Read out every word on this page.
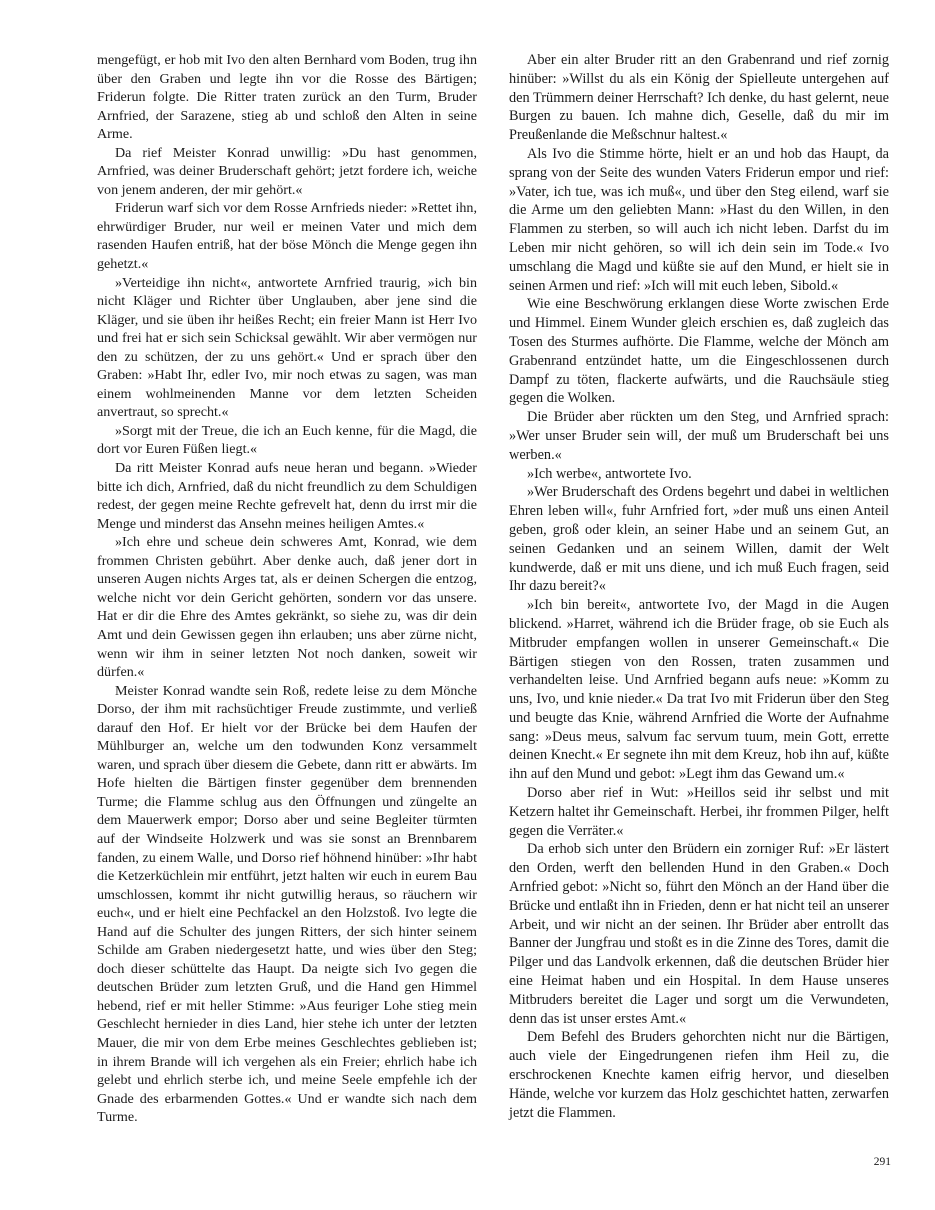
mengefügt, er hob mit Ivo den alten Bernhard vom Boden, trug ihn über den Graben und legte ihn vor die Rosse des Bärtigen; Friderun folgte. Die Ritter traten zurück an den Turm, Bruder Arnfried, der Sarazene, stieg ab und schloß den Alten in seine Arme.

Da rief Meister Konrad unwillig: »Du hast genommen, Arnfried, was deiner Bruderschaft gehört; jetzt fordere ich, weiche von jenem anderen, der mir gehört.«

Friderun warf sich vor dem Rosse Arnfrieds nieder: »Rettet ihn, ehrwürdiger Bruder, nur weil er meinen Vater und mich dem rasenden Haufen entriß, hat der böse Mönch die Menge gegen ihn gehetzt.«

»Verteidige ihn nicht«, antwortete Arnfried traurig, »ich bin nicht Kläger und Richter über Unglauben, aber jene sind die Kläger, und sie üben ihr heißes Recht; ein freier Mann ist Herr Ivo und frei hat er sich sein Schicksal gewählt. Wir aber vermögen nur den zu schützen, der zu uns gehört.« Und er sprach über den Graben: »Habt Ihr, edler Ivo, mir noch etwas zu sagen, was man einem wohlmeinenden Manne vor dem letzten Scheiden anvertraut, so sprecht.«

»Sorgt mit der Treue, die ich an Euch kenne, für die Magd, die dort vor Euren Füßen liegt.«

Da ritt Meister Konrad aufs neue heran und begann. »Wieder bitte ich dich, Arnfried, daß du nicht freundlich zu dem Schuldigen redest, der gegen meine Rechte gefrevelt hat, denn du irrst mir die Menge und minderst das Ansehn meines heiligen Amtes.«

»Ich ehre und scheue dein schweres Amt, Konrad, wie dem frommen Christen gebührt. Aber denke auch, daß jener dort in unseren Augen nichts Arges tat, als er deinen Schergen die entzog, welche nicht vor dein Gericht gehörten, sondern vor das unsere. Hat er dir die Ehre des Amtes gekränkt, so siehe zu, was dir dein Amt und dein Gewissen gegen ihn erlauben; uns aber zürne nicht, wenn wir ihm in seiner letzten Not noch danken, soweit wir dürfen.«

Meister Konrad wandte sein Roß, redete leise zu dem Mönche Dorso, der ihm mit rachsüchtiger Freude zustimmte, und verließ darauf den Hof. Er hielt vor der Brücke bei dem Haufen der Mühlburger an, welche um den todwunden Konz versammelt waren, und sprach über diesem die Gebete, dann ritt er abwärts. Im Hofe hielten die Bärtigen finster gegenüber dem brennenden Turme; die Flamme schlug aus den Öffnungen und züngelte an dem Mauerwerk empor; Dorso aber und seine Begleiter türmten auf der Windseite Holzwerk und was sie sonst an Brennbarem fanden, zu einem Walle, und Dorso rief höhnend hinüber: »Ihr habt die Ketzerküchlein mir entführt, jetzt halten wir euch in eurem Bau umschlossen, kommt ihr nicht gutwillig heraus, so räuchern wir euch«, und er hielt eine Pechfackel an den Holzstoß. Ivo legte die Hand auf die Schulter des jungen Ritters, der sich hinter seinem Schilde am Graben niedergesetzt hatte, und wies über den Steg; doch dieser schüttelte das Haupt. Da neigte sich Ivo gegen die deutschen Brüder zum letzten Gruß, und die Hand gen Himmel hebend, rief er mit heller Stimme: »Aus feuriger Lohe stieg mein Geschlecht hernieder in dies Land, hier stehe ich unter der letzten Mauer, die mir von dem Erbe meines Geschlechtes geblieben ist; in ihrem Brande will ich vergehen als ein Freier; ehrlich habe ich gelebt und ehrlich sterbe ich, und meine Seele empfehle ich der Gnade des erbarmenden Gottes.« Und er wandte sich nach dem Turme.

Aber ein alter Bruder ritt an den Grabenrand und rief zornig hinüber: »Willst du als ein König der Spielleute untergehen auf den Trümmern deiner Herrschaft? Ich denke, du hast gelernt, neue Burgen zu bauen. Ich mahne dich, Geselle, daß du mir im Preußenlande die Meßschnur haltest.«

Als Ivo die Stimme hörte, hielt er an und hob das Haupt, da sprang von der Seite des wunden Vaters Friderun empor und rief: »Vater, ich tue, was ich muß«, und über den Steg eilend, warf sie die Arme um den geliebten Mann: »Hast du den Willen, in den Flammen zu sterben, so will auch ich nicht leben. Darfst du im Leben mir nicht gehören, so will ich dein sein im Tode.« Ivo umschlang die Magd und küßte sie auf den Mund, er hielt sie in seinen Armen und rief: »Ich will mit euch leben, Sibold.«

Wie eine Beschwörung erklangen diese Worte zwischen Erde und Himmel. Einem Wunder gleich erschien es, daß zugleich das Tosen des Sturmes aufhörte. Die Flamme, welche der Mönch am Grabenrand entzündet hatte, um die Eingeschlossenen durch Dampf zu töten, flackerte aufwärts, und die Rauchsäule stieg gegen die Wolken.

Die Brüder aber rückten um den Steg, und Arnfried sprach: »Wer unser Bruder sein will, der muß um Bruderschaft bei uns werben.«

»Ich werbe«, antwortete Ivo.

»Wer Bruderschaft des Ordens begehrt und dabei in weltlichen Ehren leben will«, fuhr Arnfried fort, »der muß uns einen Anteil geben, groß oder klein, an seiner Habe und an seinem Gut, an seinen Gedanken und an seinem Willen, damit der Welt kundwerde, daß er mit uns diene, und ich muß Euch fragen, seid Ihr dazu bereit?«

»Ich bin bereit«, antwortete Ivo, der Magd in die Augen blickend. »Harret, während ich die Brüder frage, ob sie Euch als Mitbruder empfangen wollen in unserer Gemeinschaft.« Die Bärtigen stiegen von den Rossen, traten zusammen und verhandelten leise. Und Arnfried begann aufs neue: »Komm zu uns, Ivo, und knie nieder.« Da trat Ivo mit Friderun über den Steg und beugte das Knie, während Arnfried die Worte der Aufnahme sang: »Deus meus, salvum fac servum tuum, mein Gott, errette deinen Knecht.« Er segnete ihn mit dem Kreuz, hob ihn auf, küßte ihn auf den Mund und gebot: »Legt ihm das Gewand um.«

Dorso aber rief in Wut: »Heillos seid ihr selbst und mit Ketzern haltet ihr Gemeinschaft. Herbei, ihr frommen Pilger, helft gegen die Verräter.«

Da erhob sich unter den Brüdern ein zorniger Ruf: »Er lästert den Orden, werft den bellenden Hund in den Graben.« Doch Arnfried gebot: »Nicht so, führt den Mönch an der Hand über die Brücke und entlaßt ihn in Frieden, denn er hat nicht teil an unserer Arbeit, und wir nicht an der seinen. Ihr Brüder aber entrollt das Banner der Jungfrau und stoßt es in die Zinne des Tores, damit die Pilger und das Landvolk erkennen, daß die deutschen Brüder hier eine Heimat haben und ein Hospital. In dem Hause unseres Mitbruders bereitet die Lager und sorgt um die Verwundeten, denn das ist unser erstes Amt.«

Dem Befehl des Bruders gehorchten nicht nur die Bärtigen, auch viele der Eingedrungenen riefen ihm Heil zu, die erschrockenen Knechte kamen eifrig hervor, und dieselben Hände, welche vor kurzem das Holz geschichtet hatten, zerwarfen jetzt die Flammen.

291
